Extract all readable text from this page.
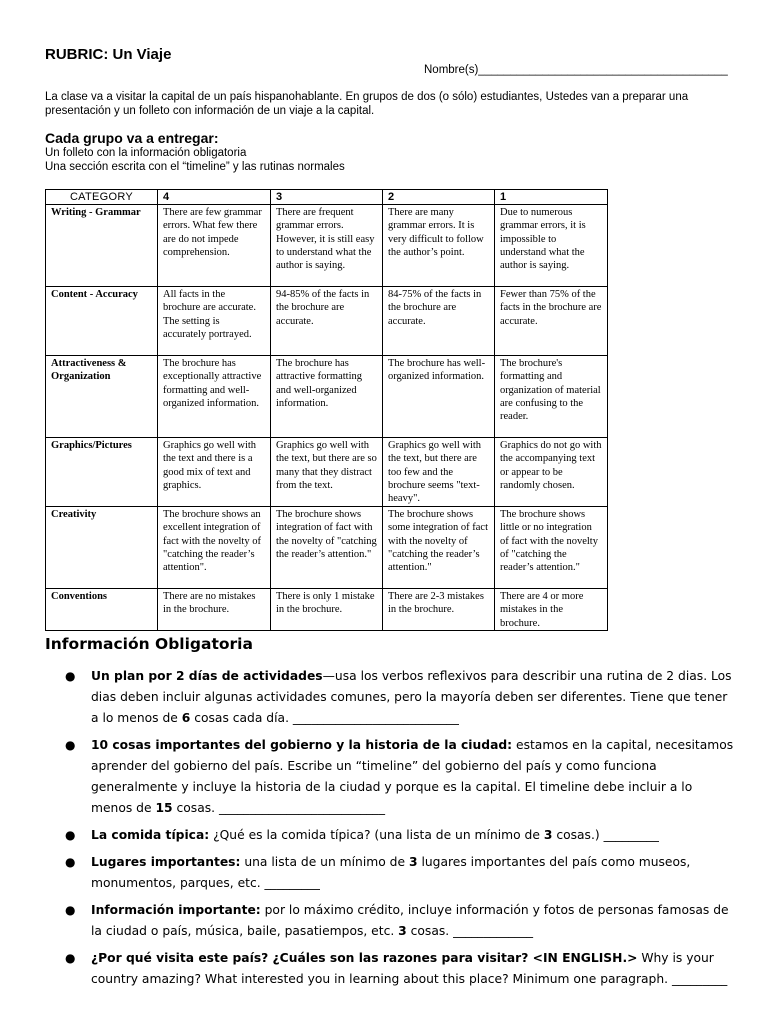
RUBRIC: Un Viaje
Nombre(s)_______________________________________
La clase va a visitar la capital de un país hispanohablante. En grupos de dos (o sólo) estudiantes, Ustedes van a preparar una presentación y un folleto con información de un viaje a la capital.
Cada grupo va a entregar:
Un folleto con la información obligatoria
Una sección escrita con el “timeline” y las rutinas normales
CATEGORY	4	3	2	1
Writing - Grammar	There are few grammar errors. What few there are do not impede comprehension.	There are frequent grammar errors. However, it is still easy to understand what the author is saying.	There are many grammar errors. It is very difficult to follow the author’s point.	Due to numerous grammar errors, it is impossible to understand what the author is saying.
Content - Accuracy	All facts in the brochure are accurate. The setting is accurately portrayed.	94-85% of the facts in the brochure are accurate.	84-75% of the facts in the brochure are accurate.	Fewer than 75% of the facts in the brochure are accurate.
Attractiveness & Organization	The brochure has exceptionally attractive formatting and well-organized information.	The brochure has attractive formatting and well-organized information.	The brochure has well-organized information.	The brochure's formatting and organization of material are confusing to the reader.
Graphics/Pictures	Graphics go well with the text and there is a good mix of text and graphics.	Graphics go well with the text, but there are so many that they distract from the text.	Graphics go well with the text, but there are too few and the brochure seems "text-heavy".	Graphics do not go with the accompanying text or appear to be randomly chosen.
Creativity	The brochure shows an excellent integration of fact with the novelty of "catching the reader’s attention".	The brochure shows integration of fact with the novelty of "catching the reader’s attention."	The brochure shows some integration of fact with the novelty of "catching the reader’s attention."	The brochure shows little or no integration of fact with the novelty of "catching the reader’s attention."
Conventions	There are no mistakes in the brochure.	There is only 1 mistake in the brochure.	There are 2-3 mistakes in the brochure.	There are 4 or more mistakes in the brochure.
Información Obligatoria
● Un plan por 2 días de actividades—usa los verbos reflexivos para describir una rutina de 2 dias. Los dias deben incluir algunas actividades comunes, pero la mayoría deben ser diferentes. Tiene que tener a lo menos de 6 cosas cada día. ___________________________
● 10 cosas importantes del gobierno y la historia de la ciudad: estamos en la capital, necesitamos aprender del gobierno del país. Escribe un “timeline” del gobierno del país y como funciona generalmente y incluye la historia de la ciudad y porque es la capital. El timeline debe incluir a lo menos de 15 cosas. ___________________________
● La comida típica: ¿Qué es la comida típica? (una lista de un mínimo de 3 cosas.) _________
● Lugares importantes: una lista de un mínimo de 3 lugares importantes del país como museos, monumentos, parques, etc. _________
● Información importante: por lo máximo crédito, incluye información y fotos de personas famosas de la ciudad o país, música, baile, pasatiempos, etc. 3 cosas. _____________
● ¿Por qué visita este país? ¿Cuáles son las razones para visitar? <IN ENGLISH.> Why is your country amazing? What interested you in learning about this place? Minimum one paragraph. _________
